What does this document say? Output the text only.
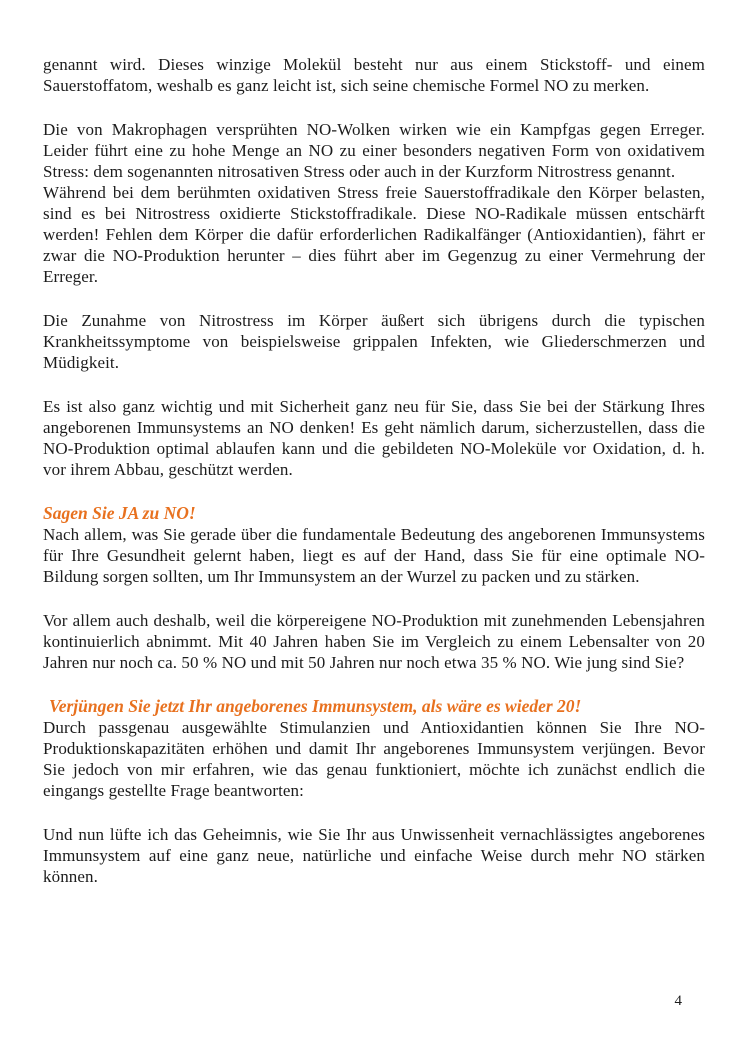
genannt wird. Dieses winzige Molekül besteht nur aus einem Stickstoff- und einem Sauerstoffatom, weshalb es ganz leicht ist, sich seine chemische Formel NO zu merken.

Die von Makrophagen versprühten NO-Wolken wirken wie ein Kampfgas gegen Erreger. Leider führt eine zu hohe Menge an NO zu einer besonders negativen Form von oxidativem Stress: dem sogenannten nitrosativen Stress oder auch in der Kurzform Nitrostress genannt.

Während bei dem berühmten oxidativen Stress freie Sauerstoffradikale den Körper belasten, sind es bei Nitrostress oxidierte Stickstoffradikale. Diese NO-Radikale müssen entschärft werden! Fehlen dem Körper die dafür erforderlichen Radikalfänger (Antioxidantien), fährt er zwar die NO-Produktion herunter – dies führt aber im Gegenzug zu einer Vermehrung der Erreger.

Die Zunahme von Nitrostress im Körper äußert sich übrigens durch die typischen Krankheitssymptome von beispielsweise grippalen Infekten, wie Gliederschmerzen und Müdigkeit.

Es ist also ganz wichtig und mit Sicherheit ganz neu für Sie, dass Sie bei der Stärkung Ihres angeborenen Immunsystems an NO denken! Es geht nämlich darum, sicherzustellen, dass die NO-Produktion optimal ablaufen kann und die gebildeten NO-Moleküle vor Oxidation, d. h. vor ihrem Abbau, geschützt werden.

Sagen Sie JA zu NO!

Nach allem, was Sie gerade über die fundamentale Bedeutung des angeborenen Immunsystems für Ihre Gesundheit gelernt haben, liegt es auf der Hand, dass Sie für eine optimale NO-Bildung sorgen sollten, um Ihr Immunsystem an der Wurzel zu packen und zu stärken.

Vor allem auch deshalb, weil die körpereigene NO-Produktion mit zunehmenden Lebensjahren kontinuierlich abnimmt. Mit 40 Jahren haben Sie im Vergleich zu einem Lebensalter von 20 Jahren nur noch ca. 50 % NO und mit 50 Jahren nur noch etwa 35 % NO. Wie jung sind Sie?

Verjüngen Sie jetzt Ihr angeborenes Immunsystem, als wäre es wieder 20!

Durch passgenau ausgewählte Stimulanzien und Antioxidantien können Sie Ihre NO-Produktionskapazitäten erhöhen und damit Ihr angeborenes Immunsystem verjüngen. Bevor Sie jedoch von mir erfahren, wie das genau funktioniert, möchte ich zunächst endlich die eingangs gestellte Frage beantworten:

Und nun lüfte ich das Geheimnis, wie Sie Ihr aus Unwissenheit vernachlässigtes angeborenes Immunsystem auf eine ganz neue, natürliche und einfache Weise durch mehr NO stärken können.

4
